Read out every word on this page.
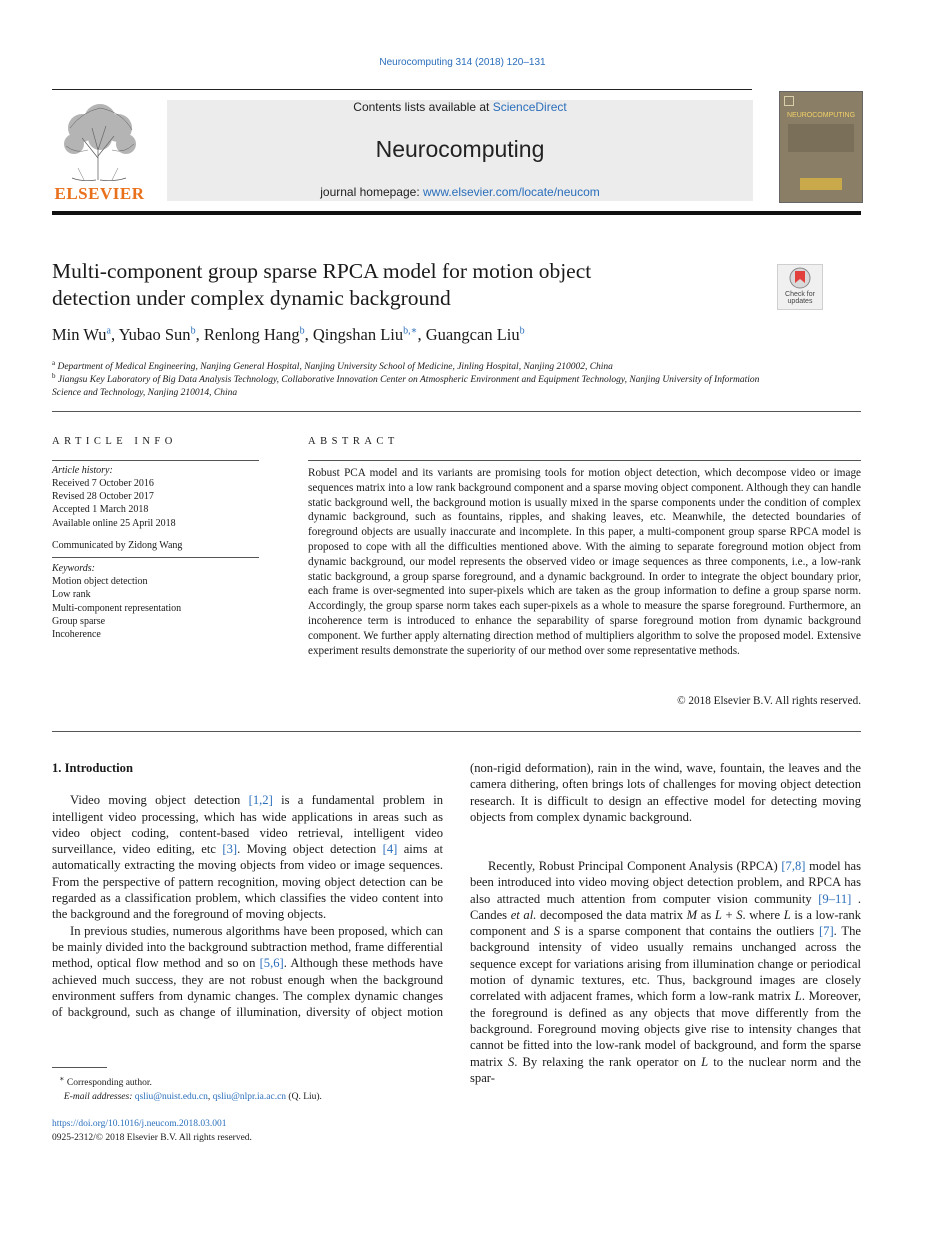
Neurocomputing 314 (2018) 120–131
ELSEVIER
Contents lists available at ScienceDirect
Neurocomputing
journal homepage: www.elsevier.com/locate/neucom
NEUROCOMPUTING
Multi-component group sparse RPCA model for motion object
detection under complex dynamic background	Check for updates
Min Wu$^a$, Yubao Sun$^b$, Renlong Hang$^b$, Qingshan Liu$^{b,∗}$, Guangcan Liu$^b$
$^a$ Department of Medical Engineering, Nanjing General Hospital, Nanjing University School of Medicine, Jinling Hospital, Nanjing 210002, China
$^b$ Jiangsu Key Laboratory of Big Data Analysis Technology, Collaborative Innovation Center on Atmospheric Environment and Equipment Technology, Nanjing University of Information Science and Technology, Nanjing 210014, China
ARTICLE INFO
Article history:
Received 7 October 2016
Revised 28 October 2017
Accepted 1 March 2018
Available online 25 April 2018
Communicated by Zidong Wang
Keywords:
Motion object detection
Low rank
Multi-component representation
Group sparse
Incoherence
ABSTRACT
Robust PCA model and its variants are promising tools for motion object detection, which decompose video or image sequences matrix into a low rank background component and a sparse moving object component. Although they can handle static background well, the background motion is usually mixed in the sparse components under the condition of complex dynamic background, such as fountains, ripples, and shaking leaves, etc. Meanwhile, the detected boundaries of foreground objects are usually inaccurate and incomplete. In this paper, a multi-component group sparse RPCA model is proposed to cope with all the difficulties mentioned above. With the aiming to separate foreground motion object from dynamic background, our model represents the observed video or image sequences as three components, i.e., a low-rank static background, a group sparse foreground, and a dynamic background. In order to integrate the object boundary prior, each frame is over-segmented into super-pixels which are taken as the group information to define a group sparse norm. Accordingly, the group sparse norm takes each super-pixels as a whole to measure the sparse foreground. Furthermore, an incoherence term is introduced to enhance the separability of sparse foreground motion from dynamic background component. We further apply alternating direction method of multipliers algorithm to solve the proposed model. Extensive experiment results demonstrate the superiority of our method over some representative methods.
© 2018 Elsevier B.V. All rights reserved.
1. Introduction

Video moving object detection [1,2] is a fundamental problem in intelligent video processing, which has wide applications in areas such as video object coding, content-based video retrieval, intelligent video surveillance, video editing, etc [3]. Moving object detection [4] aims at automatically extracting the moving objects from video or image sequences. From the perspective of pattern recognition, moving object detection can be regarded as a classification problem, which classifies the video content into the background and the foreground of moving objects.

In previous studies, numerous algorithms have been proposed, which can be mainly divided into the background subtraction method, frame differential method, optical flow method and so on [5,6]. Although these methods have achieved much success, they are not robust enough when the background environment suffers from dynamic changes. The complex dynamic changes of background, such as change of illumination, diversity of object motion

(non-rigid deformation), rain in the wind, wave, fountain, the leaves and the camera dithering, often brings lots of challenges for moving object detection research. It is difficult to design an effective model for detecting moving objects from complex dynamic background.

Recently, Robust Principal Component Analysis (RPCA) [7,8] model has been introduced into video moving object detection problem, and RPCA has also attracted much attention from computer vision community [9–11] . Candes et al. decomposed the data matrix M as L + S. where L is a low-rank component and S is a sparse component that contains the outliers [7]. The background intensity of video usually remains unchanged across the sequence except for variations arising from illumination change or periodical motion of dynamic textures, etc. Thus, background images are closely correlated with adjacent frames, which form a low-rank matrix L. Moreover, the foreground is defined as any objects that move differently from the background. Foreground moving objects give rise to intensity changes that cannot be fitted into the low-rank model of background, and form the sparse matrix S. By relaxing the rank operator on L to the nuclear norm and the spar-

∗ Corresponding author.
E-mail addresses: qsliu@nuist.edu.cn, qsliu@nlpr.ia.ac.cn (Q. Liu).
https://doi.org/10.1016/j.neucom.2018.03.001
0925-2312/© 2018 Elsevier B.V. All rights reserved.
